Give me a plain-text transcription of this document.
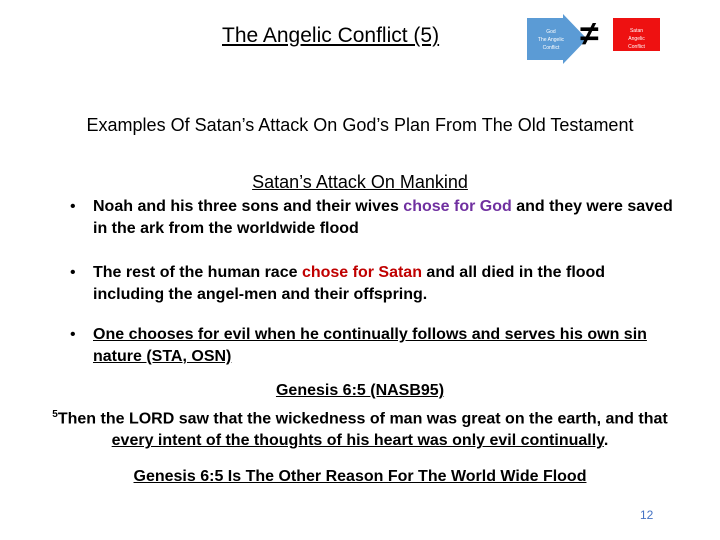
The Angelic Conflict (5)	God
The Angelic
Conflict ≠	Satan
Angelic
Conflict
Examples Of Satan’s Attack On God’s Plan From The Old Testament
Satan’s Attack On Mankind
• Noah and his three sons and their wives chose for God and they were saved in the ark from the worldwide flood
• The rest of the human race chose for Satan and all died in the flood including the angel-men and their offspring.
• One chooses for evil when he continually follows and serves his own sin nature (STA, OSN)
Genesis 6:5 (NASB95)
$^5$Then the LORD saw that the wickedness of man was great on the earth, and that every intent of the thoughts of his heart was only evil continually.
Genesis 6:5 Is The Other Reason For The World Wide Flood
12
